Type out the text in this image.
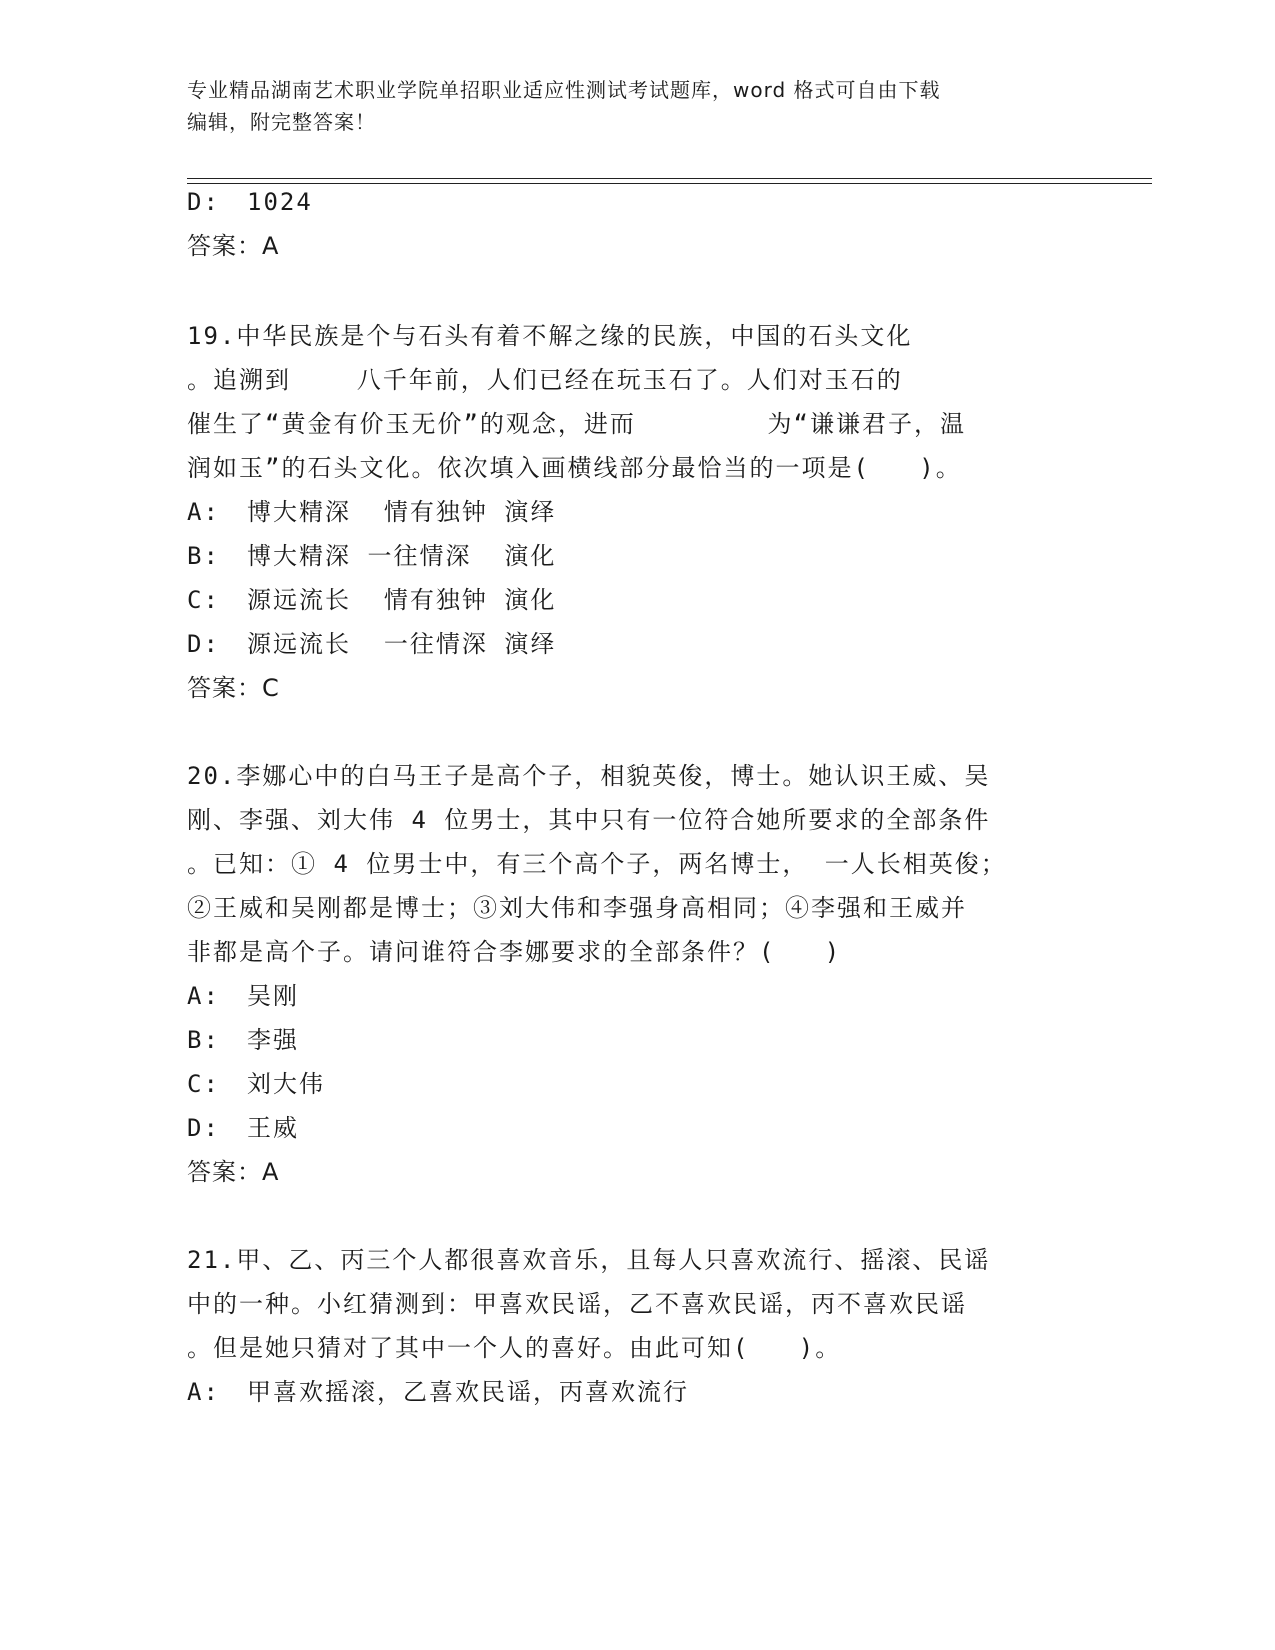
专业精品湖南艺术职业学院单招职业适应性测试考试题库，word 格式可自由下载
编辑，附完整答案！
D: 1024
答案：A
19.中华民族是个与石头有着不解之缘的民族，中国的石头文化
。追溯到    八千年前，人们已经在玩玉石了。人们对玉石的
催生了“黄金有价玉无价”的观念，进而        为“谦谦君子，温
润如玉”的石头文化。依次填入画横线部分最恰当的一项是(   )。
A: 博大精深  情有独钟 演绎
B: 博大精深 一往情深  演化
C: 源远流长  情有独钟 演化
D: 源远流长  一往情深 演绎
答案：C
20.李娜心中的白马王子是高个子，相貌英俊，博士。她认识王威、吴
刚、李强、刘大伟 4 位男士，其中只有一位符合她所要求的全部条件
。已知：① 4 位男士中，有三个高个子，两名博士， 一人长相英俊；
②王威和吴刚都是博士；③刘大伟和李强身高相同；④李强和王威并
非都是高个子。请问谁符合李娜要求的全部条件？(   )
A: 吴刚
B: 李强
C: 刘大伟
D: 王威
答案：A
21.甲、乙、丙三个人都很喜欢音乐，且每人只喜欢流行、摇滚、民谣
中的一种。小红猜测到：甲喜欢民谣，乙不喜欢民谣，丙不喜欢民谣
。但是她只猜对了其中一个人的喜好。由此可知(   )。
A: 甲喜欢摇滚，乙喜欢民谣，丙喜欢流行
